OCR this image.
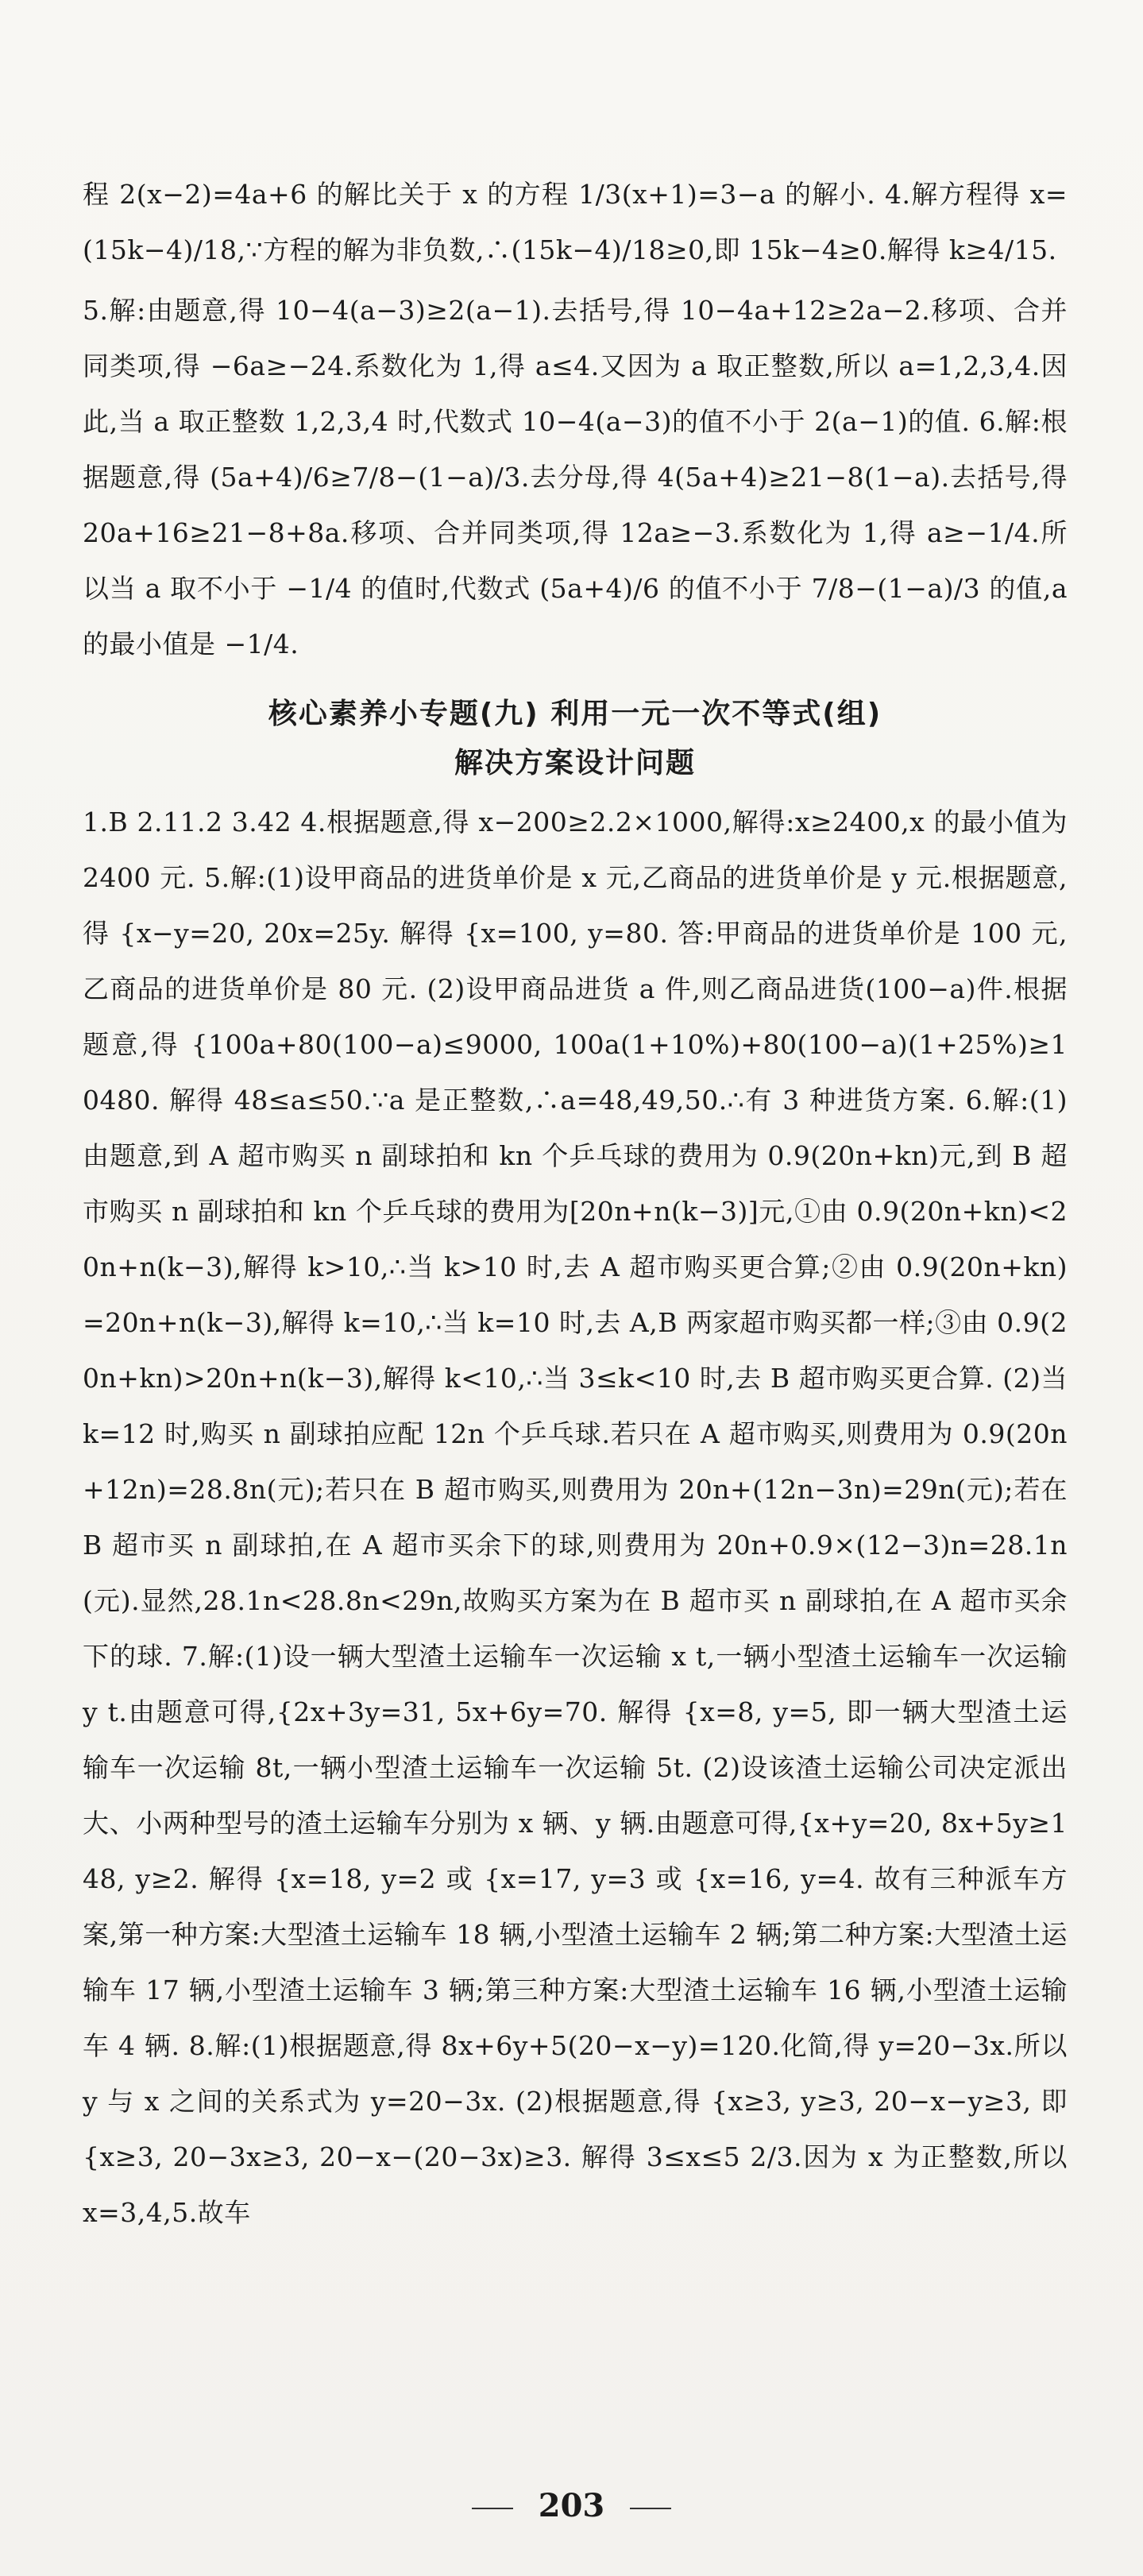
程 2(x−2)=4a+6 的解比关于 x 的方程 1/3(x+1)=3−a 的解小. 4.解方程得 x=(15k−4)/18,∵方程的解为非负数,∴(15k−4)/18≥0,即 15k−4≥0.解得 k≥4/15.

5.解:由题意,得 10−4(a−3)≥2(a−1).去括号,得 10−4a+12≥2a−2.移项、合并同类项,得 −6a≥−24.系数化为 1,得 a≤4.又因为 a 取正整数,所以 a=1,2,3,4.因此,当 a 取正整数 1,2,3,4 时,代数式 10−4(a−3)的值不小于 2(a−1)的值. 6.解:根据题意,得 (5a+4)/6≥7/8−(1−a)/3.去分母,得 4(5a+4)≥21−8(1−a).去括号,得 20a+16≥21−8+8a.移项、合并同类项,得 12a≥−3.系数化为 1,得 a≥−1/4.所以当 a 取不小于 −1/4 的值时,代数式 (5a+4)/6 的值不小于 7/8−(1−a)/3 的值,a 的最小值是 −1/4.

核心素养小专题(九) 利用一元一次不等式(组)
解决方案设计问题

1.B 2.11.2 3.42 4.根据题意,得 x−200≥2.2×1000,解得:x≥2400,x 的最小值为 2400 元. 5.解:(1)设甲商品的进货单价是 x 元,乙商品的进货单价是 y 元.根据题意,得 {x−y=20, 20x=25y. 解得 {x=100, y=80. 答:甲商品的进货单价是 100 元,乙商品的进货单价是 80 元. (2)设甲商品进货 a 件,则乙商品进货(100−a)件.根据题意,得 {100a+80(100−a)≤9000, 100a(1+10%)+80(100−a)(1+25%)≥10480. 解得 48≤a≤50.∵a 是正整数,∴a=48,49,50.∴有 3 种进货方案. 6.解:(1)由题意,到 A 超市购买 n 副球拍和 kn 个乒乓球的费用为 0.9(20n+kn)元,到 B 超市购买 n 副球拍和 kn 个乒乓球的费用为[20n+n(k−3)]元,①由 0.9(20n+kn)<20n+n(k−3),解得 k>10,∴当 k>10 时,去 A 超市购买更合算;②由 0.9(20n+kn)=20n+n(k−3),解得 k=10,∴当 k=10 时,去 A,B 两家超市购买都一样;③由 0.9(20n+kn)>20n+n(k−3),解得 k<10,∴当 3≤k<10 时,去 B 超市购买更合算. (2)当 k=12 时,购买 n 副球拍应配 12n 个乒乓球.若只在 A 超市购买,则费用为 0.9(20n+12n)=28.8n(元);若只在 B 超市购买,则费用为 20n+(12n−3n)=29n(元);若在 B 超市买 n 副球拍,在 A 超市买余下的球,则费用为 20n+0.9×(12−3)n=28.1n(元).显然,28.1n<28.8n<29n,故购买方案为在 B 超市买 n 副球拍,在 A 超市买余下的球. 7.解:(1)设一辆大型渣土运输车一次运输 x t,一辆小型渣土运输车一次运输 y t.由题意可得,{2x+3y=31, 5x+6y=70. 解得 {x=8, y=5, 即一辆大型渣土运输车一次运输 8t,一辆小型渣土运输车一次运输 5t. (2)设该渣土运输公司决定派出大、小两种型号的渣土运输车分别为 x 辆、y 辆.由题意可得,{x+y=20, 8x+5y≥148, y≥2. 解得 {x=18, y=2 或 {x=17, y=3 或 {x=16, y=4. 故有三种派车方案,第一种方案:大型渣土运输车 18 辆,小型渣土运输车 2 辆;第二种方案:大型渣土运输车 17 辆,小型渣土运输车 3 辆;第三种方案:大型渣土运输车 16 辆,小型渣土运输车 4 辆. 8.解:(1)根据题意,得 8x+6y+5(20−x−y)=120.化简,得 y=20−3x.所以 y 与 x 之间的关系式为 y=20−3x. (2)根据题意,得 {x≥3, y≥3, 20−x−y≥3, 即 {x≥3, 20−3x≥3, 20−x−(20−3x)≥3. 解得 3≤x≤5 2/3.因为 x 为正整数,所以 x=3,4,5.故车

203
